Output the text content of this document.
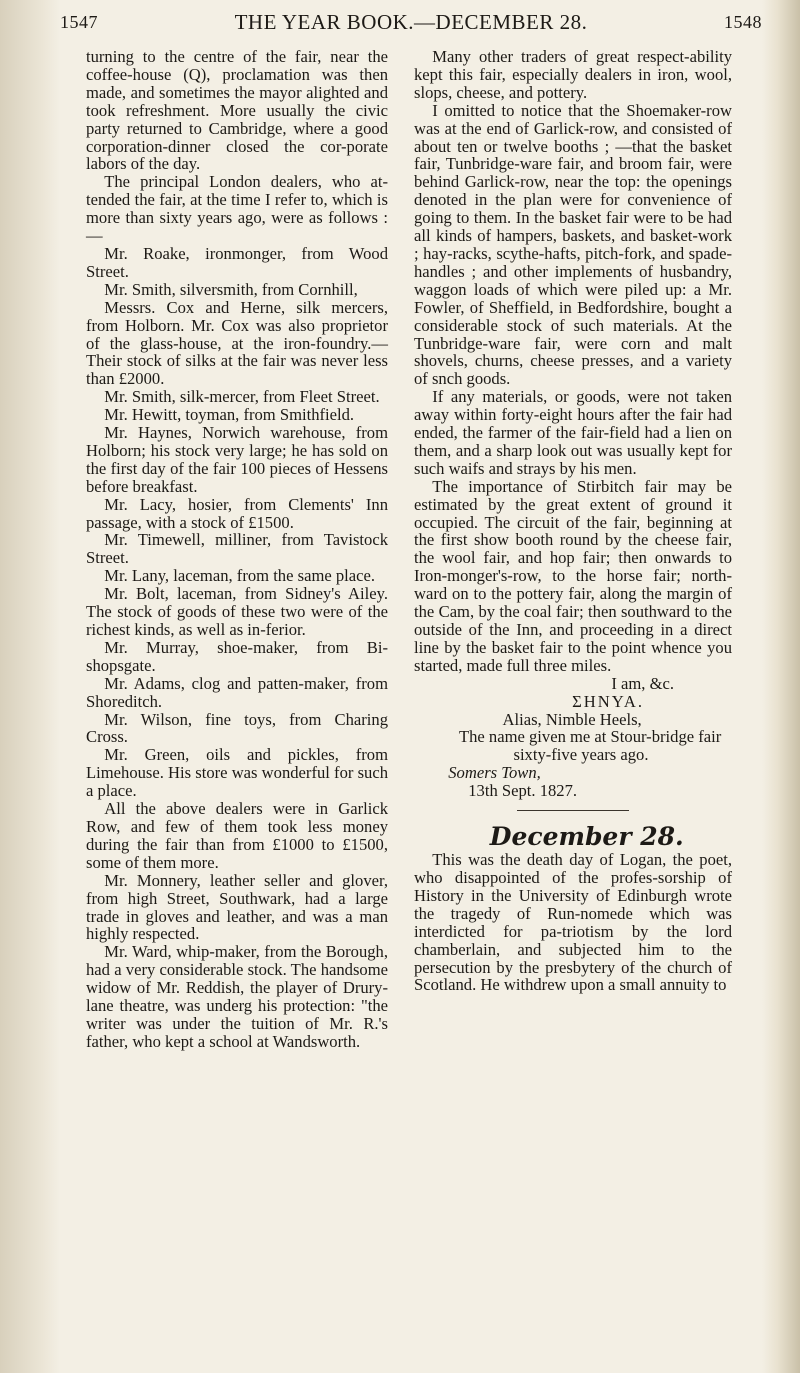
1547	THE YEAR BOOK.—DECEMBER 28.	1548

turning to the centre of the fair, near the coffee-house (Q), proclamation was then made, and sometimes the mayor alighted and took refreshment. More usually the civic party returned to Cambridge, where a good corporation-dinner closed the cor-porate labors of the day.

The principal London dealers, who at-tended the fair, at the time I refer to, which is more than sixty years ago, were as follows :—

Mr. Roake, ironmonger, from Wood Street.

Mr. Smith, silversmith, from Cornhill,

Messrs. Cox and Herne, silk mercers, from Holborn. Mr. Cox was also proprietor of the glass-house, at the iron-foundry.— Their stock of silks at the fair was never less than £2000.

Mr. Smith, silk-mercer, from Fleet Street.

Mr. Hewitt, toyman, from Smithfield.

Mr. Haynes, Norwich warehouse, from Holborn; his stock very large; he has sold on the first day of the fair 100 pieces of Hessens before breakfast.

Mr. Lacy, hosier, from Clements' Inn passage, with a stock of £1500.

Mr. Timewell, milliner, from Tavistock Street.

Mr. Lany, laceman, from the same place.

Mr. Bolt, laceman, from Sidney's Ailey. The stock of goods of these two were of the richest kinds, as well as in-ferior.

Mr. Murray, shoe-maker, from Bi-shopsgate.

Mr. Adams, clog and patten-maker, from Shoreditch.

Mr. Wilson, fine toys, from Charing Cross.

Mr. Green, oils and pickles, from Limehouse. His store was wonderful for such a place.

All the above dealers were in Garlick Row, and few of them took less money during the fair than from £1000 to £1500, some of them more.

Mr. Monnery, leather seller and glover, from high Street, Southwark, had a large trade in gloves and leather, and was a man highly respected.

Mr. Ward, whip-maker, from the Borough, had a very considerable stock. The handsome widow of Mr. Reddish, the player of Drury-lane theatre, was underg his protection: "the writer was under the tuition of Mr. R.'s father, who kept a school at Wandsworth.

Many other traders of great respect-ability kept this fair, especially dealers in iron, wool, slops, cheese, and pottery.

I omitted to notice that the Shoemaker-row was at the end of Garlick-row, and consisted of about ten or twelve booths ; —that the basket fair, Tunbridge-ware fair, and broom fair, were behind Garlick-row, near the top: the openings denoted in the plan were for convenience of going to them. In the basket fair were to be had all kinds of hampers, baskets, and basket-work ; hay-racks, scythe-hafts, pitch-fork, and spade-handles ; and other implements of husbandry, waggon loads of which were piled up: a Mr. Fowler, of Sheffield, in Bedfordshire, bought a considerable stock of such materials. At the Tunbridge-ware fair, were corn and malt shovels, churns, cheese presses, and a variety of snch goods.

If any materials, or goods, were not taken away within forty-eight hours after the fair had ended, the farmer of the fair-field had a lien on them, and a sharp look out was usually kept for such waifs and strays by his men.

The importance of Stirbitch fair may be estimated by the great extent of ground it occupied. The circuit of the fair, beginning at the first show booth round by the cheese fair, the wool fair, and hop fair; then onwards to Iron-monger's-row, to the horse fair; north-ward on to the pottery fair, along the margin of the Cam, by the coal fair; then southward to the outside of the Inn, and proceeding in a direct line by the basket fair to the point whence you started, made full three miles.

I am, &c.

ΣHNYA.

Alias, Nimble Heels,

The name given me at Stour-bridge fair sixty-five years ago.

Somers Town,

13th Sept. 1827.

December 28.

This was the death day of Logan, the poet, who disappointed of the profes-sorship of History in the University of Edinburgh wrote the tragedy of Run-nomede which was interdicted for pa-triotism by the lord chamberlain, and subjected him to the persecution by the presbytery of the church of Scotland. He withdrew upon a small annuity to
